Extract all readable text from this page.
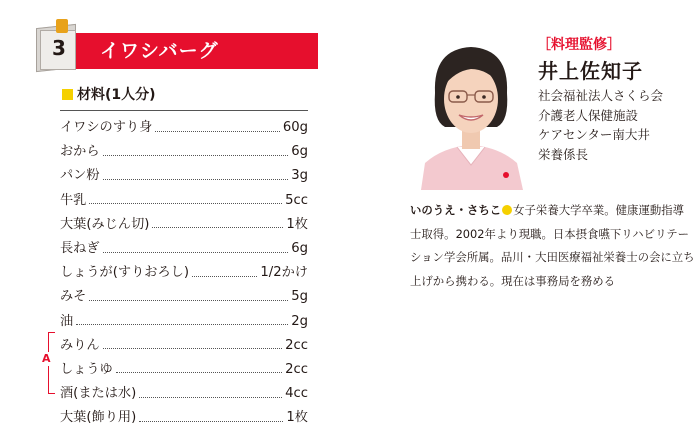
3 イワシバーグ
材料(1人分)
イワシのすり身	60g
おから	6g
パン粉	3g
牛乳	5cc
大葉(みじん切)	1枚
長ねぎ	6g
しょうが(すりおろし)	1/2かけ
みそ	5g
油	2g
みりん	2cc
しょうゆ	2cc
酒(または水)	4cc
大葉(飾り用)	1枚
A
［料理監修］
井上佐知子
社会福祉法人さくら会
介護老人保健施設
ケアセンター南大井
栄養係長
いのうえ・さちこ 女子栄養大学卒業。健康運動指導士取得。2002年より現職。日本摂食嚥下リハビリテーション学会所属。品川・大田医療福祉栄養士の会に立ち上げから携わる。現在は事務局を務める
